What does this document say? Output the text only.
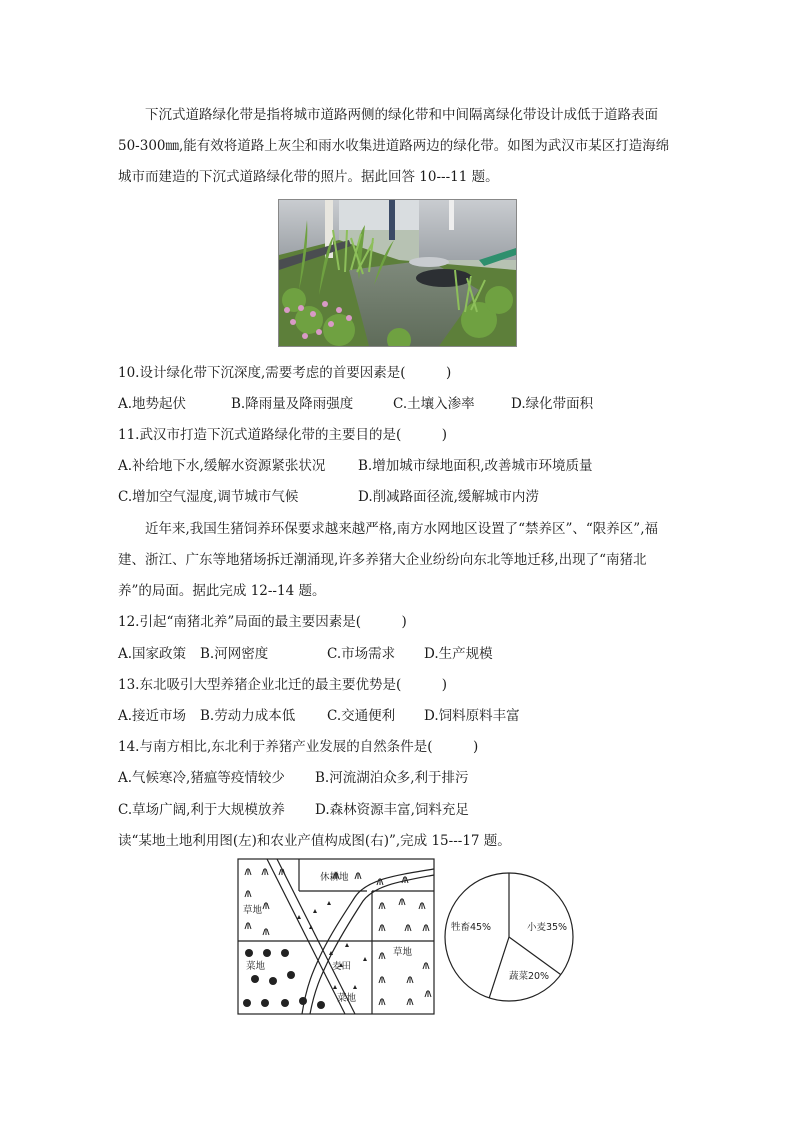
下沉式道路绿化带是指将城市道路两侧的绿化带和中间隔离绿化带设计成低于道路表面 50-300㎜,能有效将道路上灰尘和雨水收集进道路两边的绿化带。如图为武汉市某区打造海绵城市而建造的下沉式道路绿化带的照片。据此回答 10---11 题。

10.设计绿化带下沉深度,需要考虑的首要因素是(　　　)
A.地势起伏	B.降雨量及降雨强度	C.土壤入渗率	D.绿化带面积
11.武汉市打造下沉式道路绿化带的主要目的是(　　　)
A.补给地下水,缓解水资源紧张状况 B.增加城市绿地面积,改善城市环境质量
C.增加空气湿度,调节城市气候	D.削减路面径流,缓解城市内涝

近年来,我国生猪饲养环保要求越来越严格,南方水网地区设置了“禁养区”、“限养区”,福建、浙江、广东等地猪场拆迁潮涌现,许多养猪大企业纷纷向东北等地迁移,出现了“南猪北养”的局面。据此完成 12--14 题。

12.引起“南猪北养”局面的最主要因素是(　　　)
A.国家政策 B.河网密度	C.市场需求 D.生产规模
13.东北吸引大型养猪企业北迁的最主要优势是(　　　)
A.接近市场 B.劳动力成本低 C.交通便利 D.饲料原料丰富
14.与南方相比,东北利于养猪产业发展的自然条件是(　　　)
A.气候寒冷,猪瘟等疫情较少 B.河流湖泊众多,利于排污
C.草场广阔,利于大规模放养 D.森林资源丰富,饲料充足
读“某地土地利用图(左)和农业产值构成图(右)”,完成 15---17 题。
休耕地
草地
菜地	麦田
菜地
草地
小麦35%
蔬菜20%
牲畜45%
